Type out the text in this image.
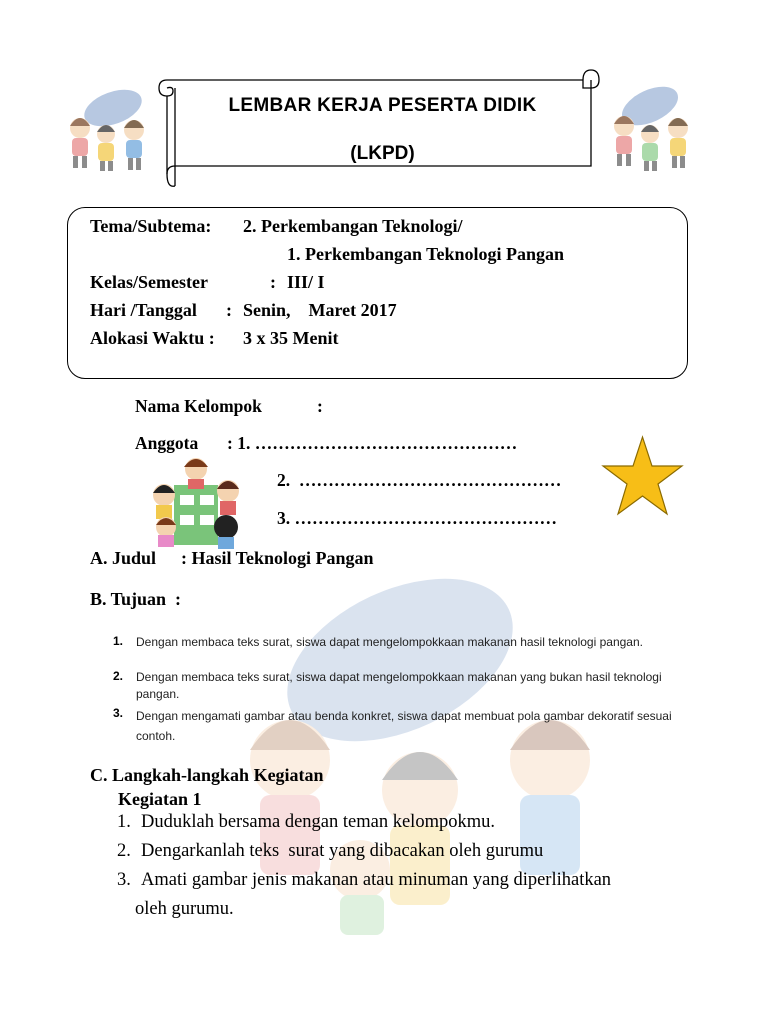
LEMBAR KERJA PESERTA DIDIK
(LKPD)
Tema/Subtema: 2. Perkembangan Teknologi/
1. Perkembangan Teknologi Pangan
Kelas/Semester	: III/ I
Hari /Tanggal : Senin,    Maret 2017
Alokasi Waktu : 3 x 35 Menit
Nama Kelompok	:
Anggota : 1. ………………………………………
2.  ………………………………………
3. ………………………………………
A. Judul : Hasil Teknologi Pangan
B. Tujuan  :
1. Dengan membaca teks surat, siswa dapat mengelompokkaan makanan hasil teknologi pangan.
2. Dengan membaca teks surat, siswa dapat mengelompokkaan makanan yang bukan hasil teknologi pangan.
3. Dengan mengamati gambar atau benda konkret, siswa dapat membuat pola gambar dekoratif sesuai contoh.
C. Langkah-langkah Kegiatan
Kegiatan 1
1. Duduklah bersama dengan teman kelompokmu.
2. Dengarkanlah teks  surat yang dibacakan oleh gurumu
3. Amati gambar jenis makanan atau minuman yang diperlihatkan
oleh gurumu.
